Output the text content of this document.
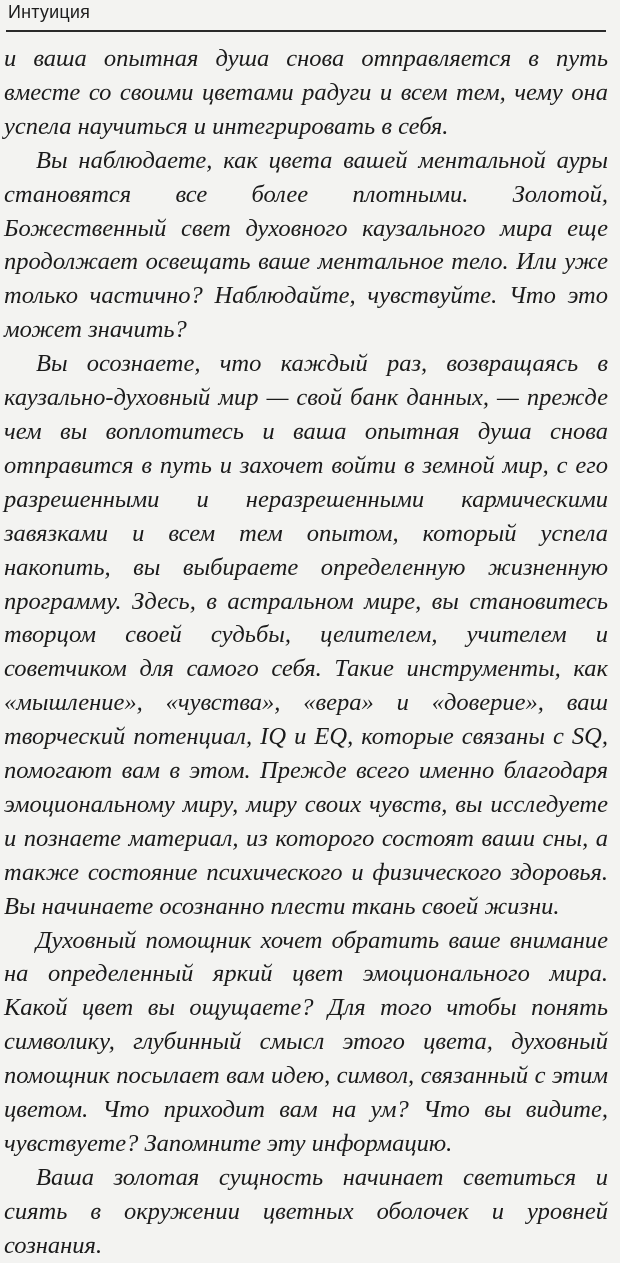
Интуиция

и ваша опытная душа снова отправляется в путь вместе со своими цветами радуги и всем тем, чему она успела научиться и интегрировать в себя.

Вы наблюдаете, как цвета вашей ментальной ауры становятся все более плотными. Золотой, Божественный свет духовного каузального мира еще продолжает освещать ваше ментальное тело. Или уже только частично? Наблюдайте, чувствуйте. Что это может значить?

Вы осознаете, что каждый раз, возвращаясь в каузально-духовный мир — свой банк данных, — прежде чем вы воплотитесь и ваша опытная душа снова отправится в путь и захочет войти в земной мир, с его разрешенными и неразрешенными кармическими завязками и всем тем опытом, который успела накопить, вы выбираете определенную жизненную программу. Здесь, в астральном мире, вы становитесь творцом своей судьбы, целителем, учителем и советчиком для самого себя. Такие инструменты, как «мышление», «чувства», «вера» и «доверие», ваш творческий потенциал, IQ и EQ, которые связаны с SQ, помогают вам в этом. Прежде всего именно благодаря эмоциональному миру, миру своих чувств, вы исследуете и познаете материал, из которого состоят ваши сны, а также состояние психического и физического здоровья. Вы начинаете осознанно плести ткань своей жизни.

Духовный помощник хочет обратить ваше внимание на определенный яркий цвет эмоционального мира. Какой цвет вы ощущаете? Для того чтобы понять символику, глубинный смысл этого цвета, духовный помощник посылает вам идею, символ, связанный с этим цветом. Что приходит вам на ум? Что вы видите, чувствуете? Запомните эту информацию.

Ваша золотая сущность начинает светиться и сиять в окружении цветных оболочек и уровней сознания.
